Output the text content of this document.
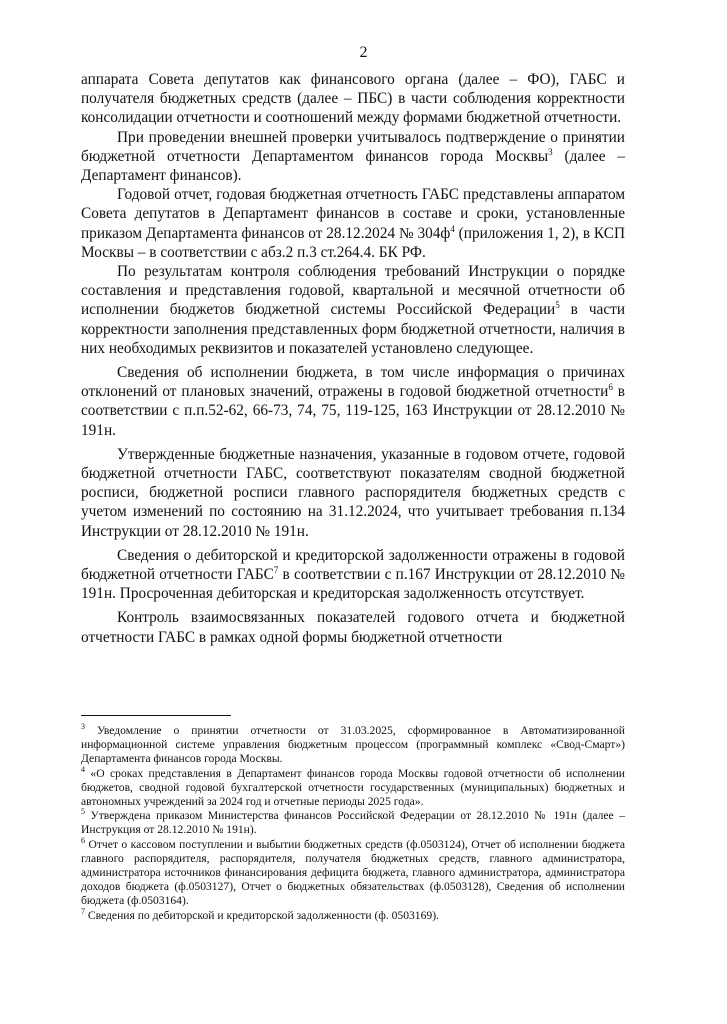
2

аппарата Совета депутатов как финансового органа (далее – ФО), ГАБС и получателя бюджетных средств (далее – ПБС) в части соблюдения корректности консолидации отчетности и соотношений между формами бюджетной отчетности.

При проведении внешней проверки учитывалось подтверждение о принятии бюджетной отчетности Департаментом финансов города Москвы$^3$ (далее – Департамент финансов).

Годовой отчет, годовая бюджетная отчетность ГАБС представлены аппаратом Совета депутатов в Департамент финансов в составе и сроки, установленные приказом Департамента финансов от 28.12.2024 № $304ф^4$ (приложения 1, 2), в КСП Москвы – в соответствии с абз.2 п.3 ст.264.4. БК РФ.

По результатам контроля соблюдения требований Инструкции о порядке составления и представления годовой, квартальной и месячной отчетности об исполнении бюджетов бюджетной системы Российской Федерации$^5$ в части корректности заполнения представленных форм бюджетной отчетности, наличия в них необходимых реквизитов и показателей установлено следующее.

Сведения об исполнении бюджета, в том числе информация о причинах отклонений от плановых значений, отражены в годовой бюджетной отчетности$^6$ в соответствии с п.п.52-62, 66-73, 74, 75, 119-125, 163 Инструкции от 28.12.2010 № 191н.

Утвержденные бюджетные назначения, указанные в годовом отчете, годовой бюджетной отчетности ГАБС, соответствуют показателям сводной бюджетной росписи, бюджетной росписи главного распорядителя бюджетных средств с учетом изменений по состоянию на 31.12.2024, что учитывает требования п.134 Инструкции от 28.12.2010 № 191н.

Сведения о дебиторской и кредиторской задолженности отражены в годовой бюджетной отчетности ГАБС$^7$ в соответствии с п.167 Инструкции от 28.12.2010 № 191н. Просроченная дебиторская и кредиторская задолженность отсутствует.

Контроль взаимосвязанных показателей годового отчета и бюджетной отчетности ГАБС в рамках одной формы бюджетной отчетности

$^3$ Уведомление о принятии отчетности от 31.03.2025, сформированное в Автоматизированной информационной системе управления бюджетным процессом (программный комплекс «Свод-Смарт») Департамента финансов города Москвы.

$^4$ «О сроках представления в Департамент финансов города Москвы годовой отчетности об исполнении бюджетов, сводной годовой бухгалтерской отчетности государственных (муниципальных) бюджетных и автономных учреждений за 2024 год и отчетные периоды 2025 года».

$^5$ Утверждена приказом Министерства финансов Российской Федерации от 28.12.2010 № 191н (далее – Инструкция от 28.12.2010 № 191н).

$^6$ Отчет о кассовом поступлении и выбытии бюджетных средств (ф.0503124), Отчет об исполнении бюджета главного распорядителя, распорядителя, получателя бюджетных средств, главного администратора, администратора источников финансирования дефицита бюджета, главного администратора, администратора доходов бюджета (ф.0503127), Отчет о бюджетных обязательствах (ф.0503128), Сведения об исполнении бюджета (ф.0503164).

$^7$ Сведения по дебиторской и кредиторской задолженности (ф. 0503169).
